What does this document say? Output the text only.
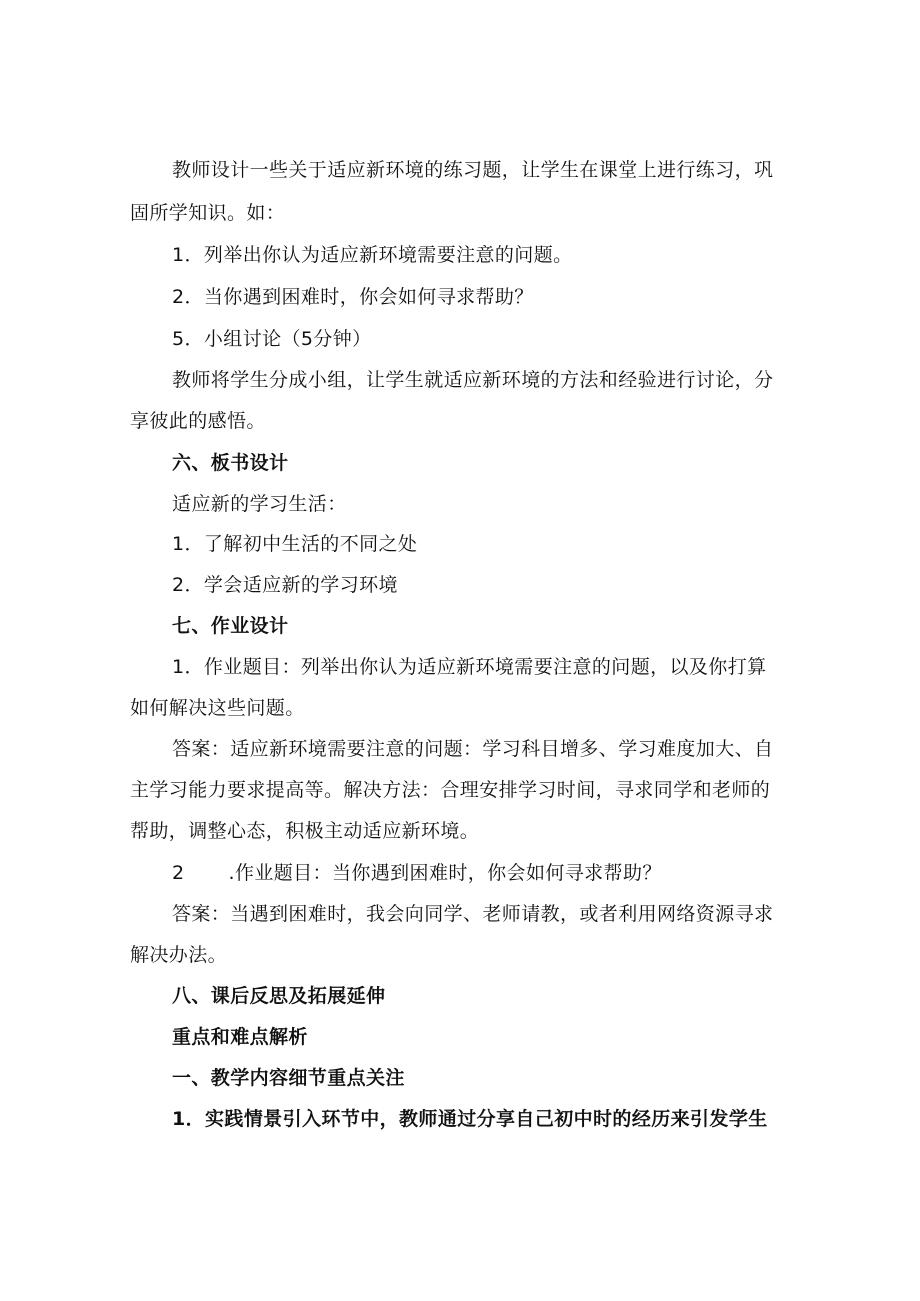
教师设计一些关于适应新环境的练习题，让学生在课堂上进行练习，巩
固所学知识。如：
1．列举出你认为适应新环境需要注意的问题。
2．当你遇到困难时，你会如何寻求帮助？
5．小组讨论（5分钟）
教师将学生分成小组，让学生就适应新环境的方法和经验进行讨论，分
享彼此的感悟。
六、板书设计
适应新的学习生活：
1．了解初中生活的不同之处
2．学会适应新的学习环境
七、作业设计
1．作业题目：列举出你认为适应新环境需要注意的问题，以及你打算
如何解决这些问题。
答案：适应新环境需要注意的问题：学习科目增多、学习难度加大、自
主学习能力要求提高等。解决方法：合理安排学习时间，寻求同学和老师的
帮助，调整心态，积极主动适应新环境。
2 .作业题目：当你遇到困难时，你会如何寻求帮助？
答案：当遇到困难时，我会向同学、老师请教，或者利用网络资源寻求
解决办法。
八、课后反思及拓展延伸
重点和难点解析
一、教学内容细节重点关注
1．实践情景引入环节中，教师通过分享自己初中时的经历来引发学生
